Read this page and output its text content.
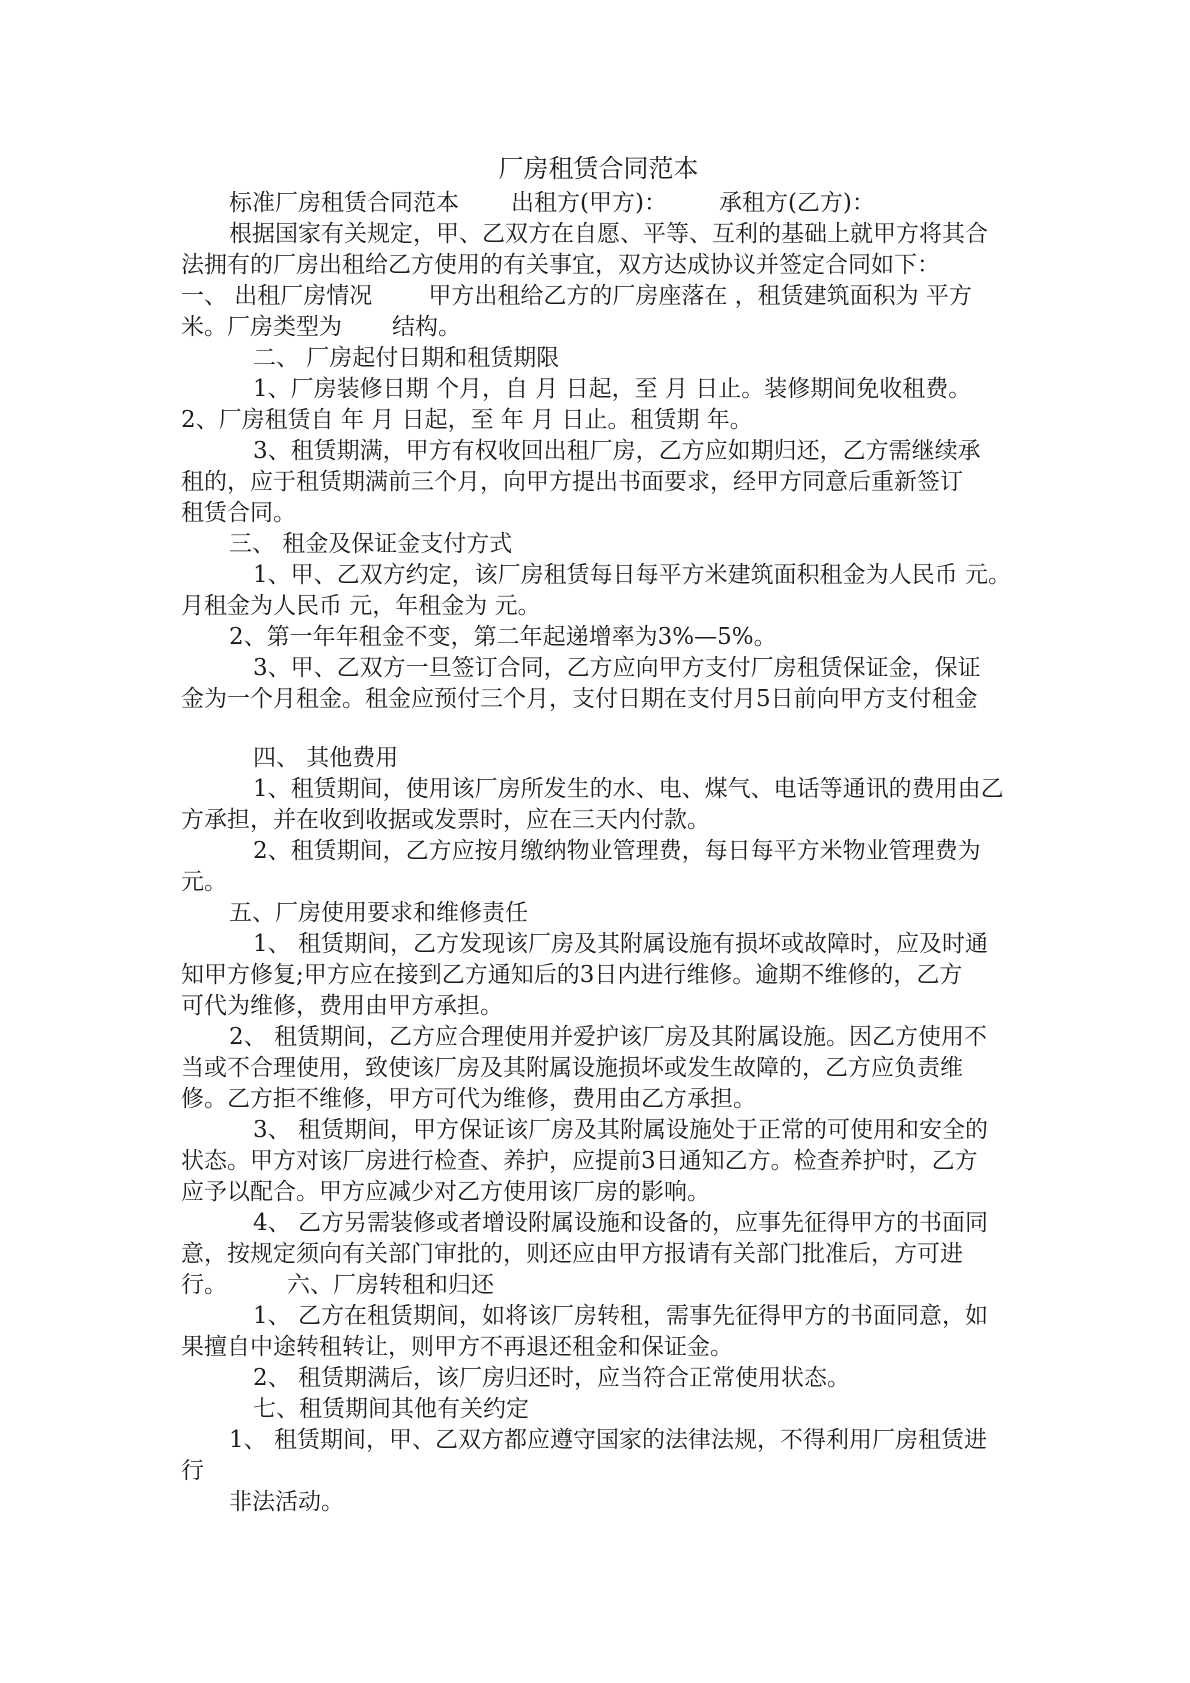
厂房租赁合同范本

标准厂房租赁合同范本 出租方(甲方)： 承租方(乙方)：

根据国家有关规定，甲、乙双方在自愿、平等、互利的基础上就甲方将其合

法拥有的厂房出租给乙方使用的有关事宜，双方达成协议并签定合同如下：

一、 出租厂房情况 甲方出租给乙方的厂房座落在 ，租赁建筑面积为 平方

米。厂房类型为 结构。

二、 厂房起付日期和租赁期限

1、厂房装修日期 个月，自 月 日起，至 月 日止。装修期间免收租费。

2、厂房租赁自 年 月 日起，至 年 月 日止。租赁期 年。

3、租赁期满，甲方有权收回出租厂房，乙方应如期归还，乙方需继续承

租的，应于租赁期满前三个月，向甲方提出书面要求，经甲方同意后重新签订

租赁合同。

三、 租金及保证金支付方式

1、甲、乙双方约定，该厂房租赁每日每平方米建筑面积租金为人民币 元。

月租金为人民币 元，年租金为 元。

2、第一年年租金不变，第二年起递增率为3%—5%。

3、甲、乙双方一旦签订合同，乙方应向甲方支付厂房租赁保证金，保证

金为一个月租金。租金应预付三个月，支付日期在支付月5日前向甲方支付租金

四、 其他费用

1、租赁期间，使用该厂房所发生的水、电、煤气、电话等通讯的费用由乙

方承担，并在收到收据或发票时，应在三天内付款。

2、租赁期间，乙方应按月缴纳物业管理费，每日每平方米物业管理费为

元。

五、厂房使用要求和维修责任

1、 租赁期间，乙方发现该厂房及其附属设施有损坏或故障时，应及时通

知甲方修复;甲方应在接到乙方通知后的3日内进行维修。逾期不维修的，乙方

可代为维修，费用由甲方承担。

2、 租赁期间，乙方应合理使用并爱护该厂房及其附属设施。因乙方使用不

当或不合理使用，致使该厂房及其附属设施损坏或发生故障的，乙方应负责维

修。乙方拒不维修，甲方可代为维修，费用由乙方承担。

3、 租赁期间，甲方保证该厂房及其附属设施处于正常的可使用和安全的

状态。甲方对该厂房进行检查、养护，应提前3日通知乙方。检查养护时，乙方

应予以配合。甲方应减少对乙方使用该厂房的影响。

4、 乙方另需装修或者增设附属设施和设备的，应事先征得甲方的书面同

意，按规定须向有关部门审批的，则还应由甲方报请有关部门批准后，方可进

行。	六、厂房转租和归还

1、 乙方在租赁期间，如将该厂房转租，需事先征得甲方的书面同意，如

果擅自中途转租转让，则甲方不再退还租金和保证金。

2、 租赁期满后，该厂房归还时，应当符合正常使用状态。

七、租赁期间其他有关约定

1、 租赁期间，甲、乙双方都应遵守国家的法律法规，不得利用厂房租赁进

行

非法活动。
